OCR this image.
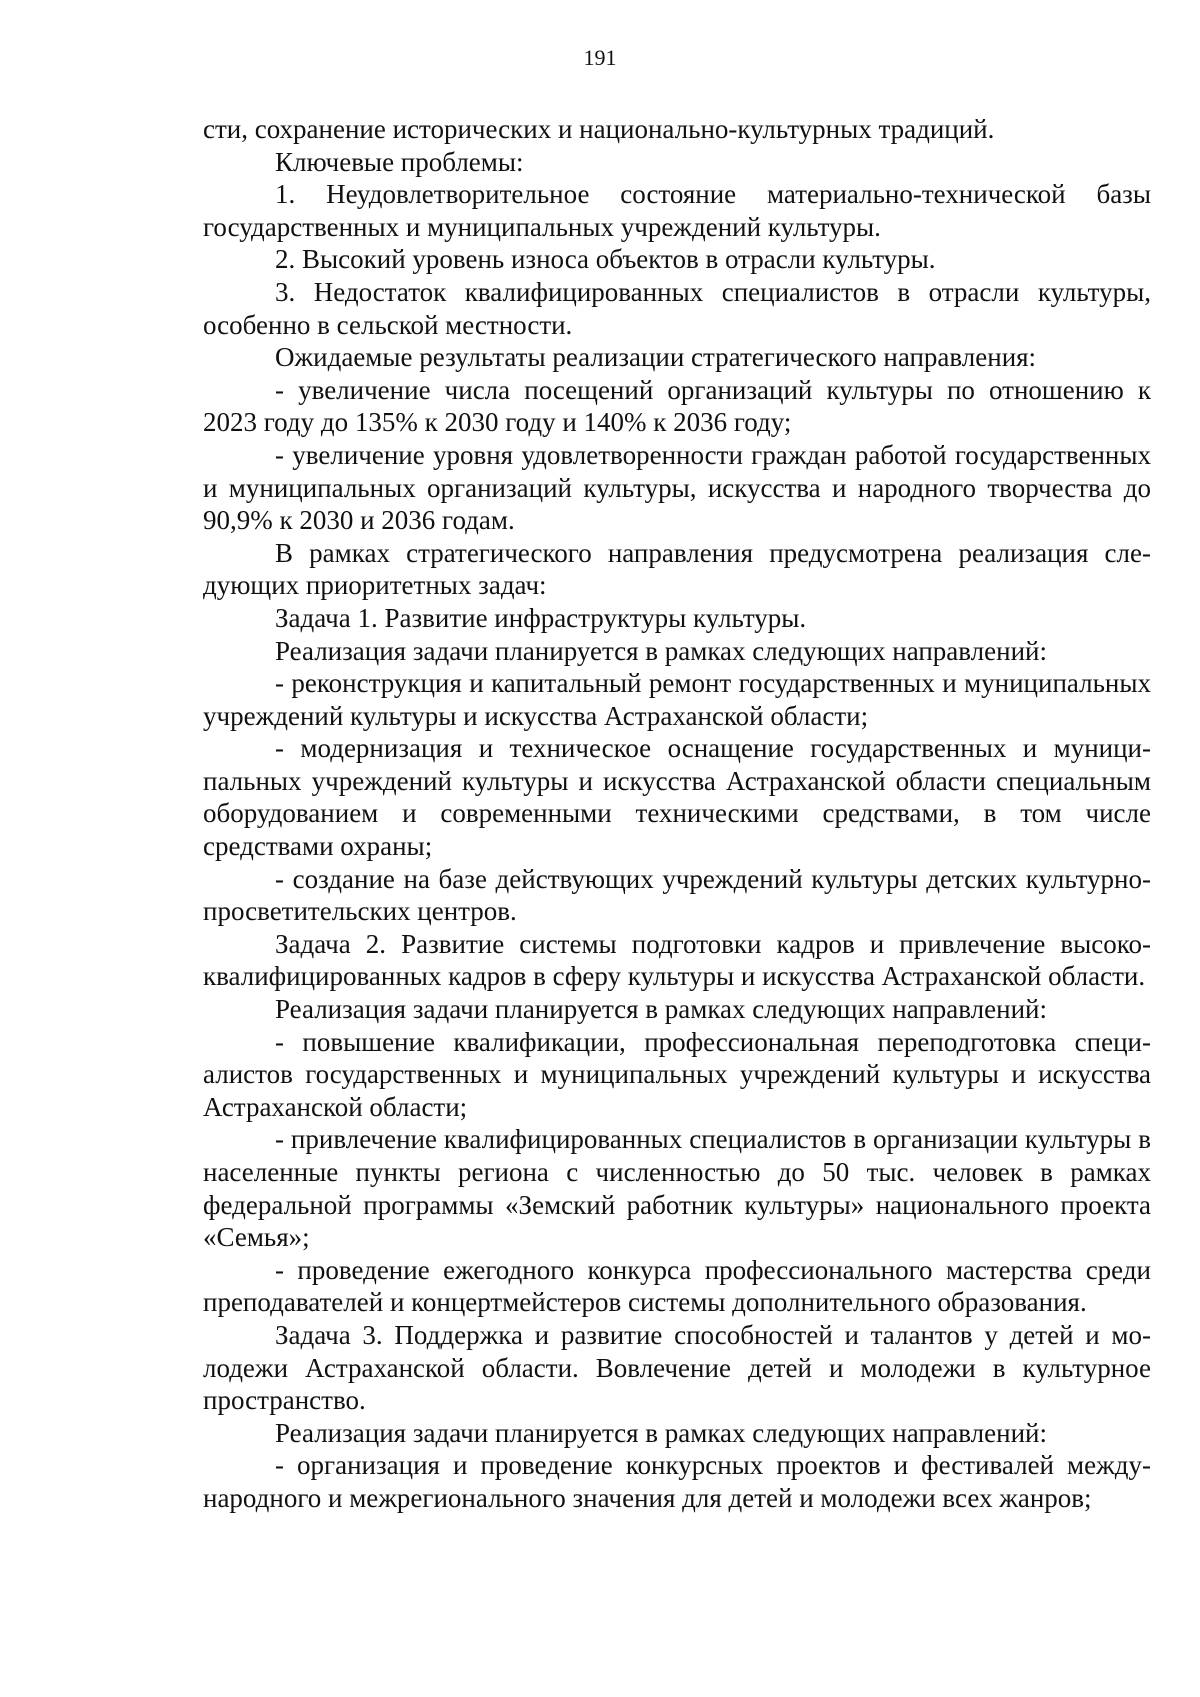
191

сти, сохранение исторических и национально-культурных традиций.

Ключевые проблемы:

1. Неудовлетворительное состояние материально-технической базы государственных и муниципальных учреждений культуры.

2. Высокий уровень износа объектов в отрасли культуры.

3. Недостаток квалифицированных специалистов в отрасли культуры, особенно в сельской местности.

Ожидаемые результаты реализации стратегического направления:

- увеличение числа посещений организаций культуры по отношению к 2023 году до 135% к 2030 году и 140% к 2036 году;

- увеличение уровня удовлетворенности граждан работой государственных и муниципальных организаций культуры, искусства и народного творчества до 90,9% к 2030 и 2036 годам.

В рамках стратегического направления предусмотрена реализация следующих приоритетных задач:

Задача 1. Развитие инфраструктуры культуры.

Реализация задачи планируется в рамках следующих направлений:

- реконструкция и капитальный ремонт государственных и муниципальных учреждений культуры и искусства Астраханской области;

- модернизация и техническое оснащение государственных и муниципальных учреждений культуры и искусства Астраханской области специальным оборудованием и современными техническими средствами, в том числе средствами охраны;

- создание на базе действующих учреждений культуры детских культурно-просветительских центров.

Задача 2. Развитие системы подготовки кадров и привлечение высококвалифицированных кадров в сферу культуры и искусства Астраханской области.

Реализация задачи планируется в рамках следующих направлений:

- повышение квалификации, профессиональная переподготовка специалистов государственных и муниципальных учреждений культуры и искусства Астраханской области;

- привлечение квалифицированных специалистов в организации культуры в населенные пункты региона с численностью до 50 тыс. человек в рамках федеральной программы «Земский работник культуры» национального проекта «Семья»;

- проведение ежегодного конкурса профессионального мастерства среди преподавателей и концертмейстеров системы дополнительного образования.

Задача 3. Поддержка и развитие способностей и талантов у детей и молодежи Астраханской области. Вовлечение детей и молодежи в культурное пространство.

Реализация задачи планируется в рамках следующих направлений:

- организация и проведение конкурсных проектов и фестивалей международного и межрегионального значения для детей и молодежи всех жанров;
